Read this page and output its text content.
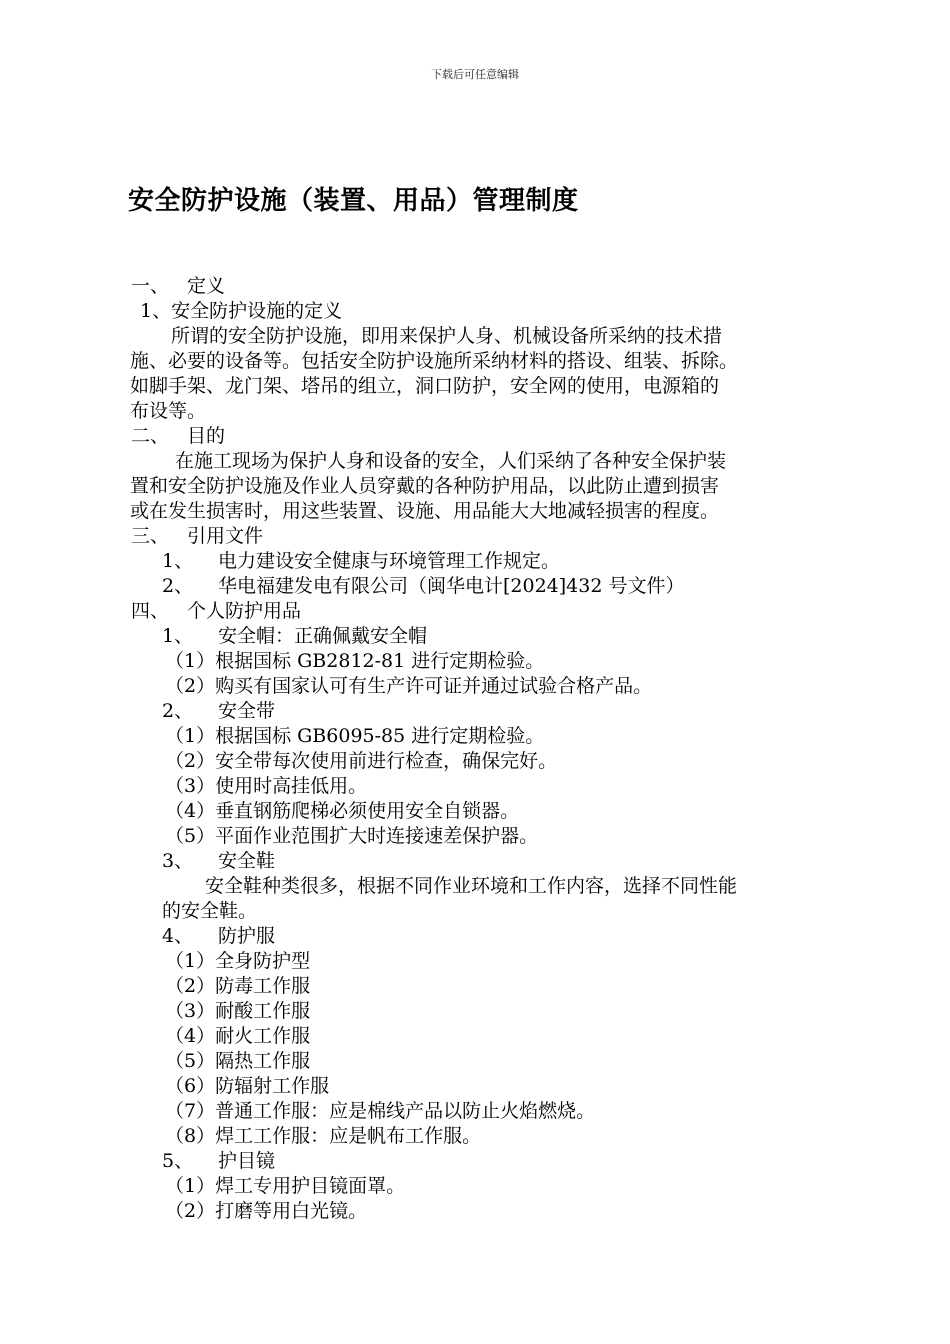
下载后可任意编辑
安全防护设施（装置、用品）管理制度
一、 定义
1、安全防护设施的定义
所谓的安全防护设施，即用来保护人身、机械设备所采纳的技术措
施、必要的设备等。包括安全防护设施所采纳材料的搭设、组装、拆除。
如脚手架、龙门架、塔吊的组立，洞口防护，安全网的使用，电源箱的
布设等。
二、 目的
在施工现场为保护人身和设备的安全，人们采纳了各种安全保护装
置和安全防护设施及作业人员穿戴的各种防护用品，以此防止遭到损害
或在发生损害时，用这些装置、设施、用品能大大地减轻损害的程度。
三、 引用文件
1、 电力建设安全健康与环境管理工作规定。
2、 华电福建发电有限公司（闽华电计[2024]432 号文件）
四、 个人防护用品
1、 安全帽：正确佩戴安全帽
（1）根据国标 GB2812-81 进行定期检验。
（2）购买有国家认可有生产许可证并通过试验合格产品。
2、 安全带
（1）根据国标 GB6095-85 进行定期检验。
（2）安全带每次使用前进行检查，确保完好。
（3）使用时高挂低用。
（4）垂直钢筋爬梯必须使用安全自锁器。
（5）平面作业范围扩大时连接速差保护器。
3、 安全鞋
安全鞋种类很多，根据不同作业环境和工作内容，选择不同性能
的安全鞋。
4、 防护服
（1）全身防护型
（2）防毒工作服
（3）耐酸工作服
（4）耐火工作服
（5）隔热工作服
（6）防辐射工作服
（7）普通工作服：应是棉线产品以防止火焰燃烧。
（8）焊工工作服：应是帆布工作服。
5、 护目镜
（1）焊工专用护目镜面罩。
（2）打磨等用白光镜。
